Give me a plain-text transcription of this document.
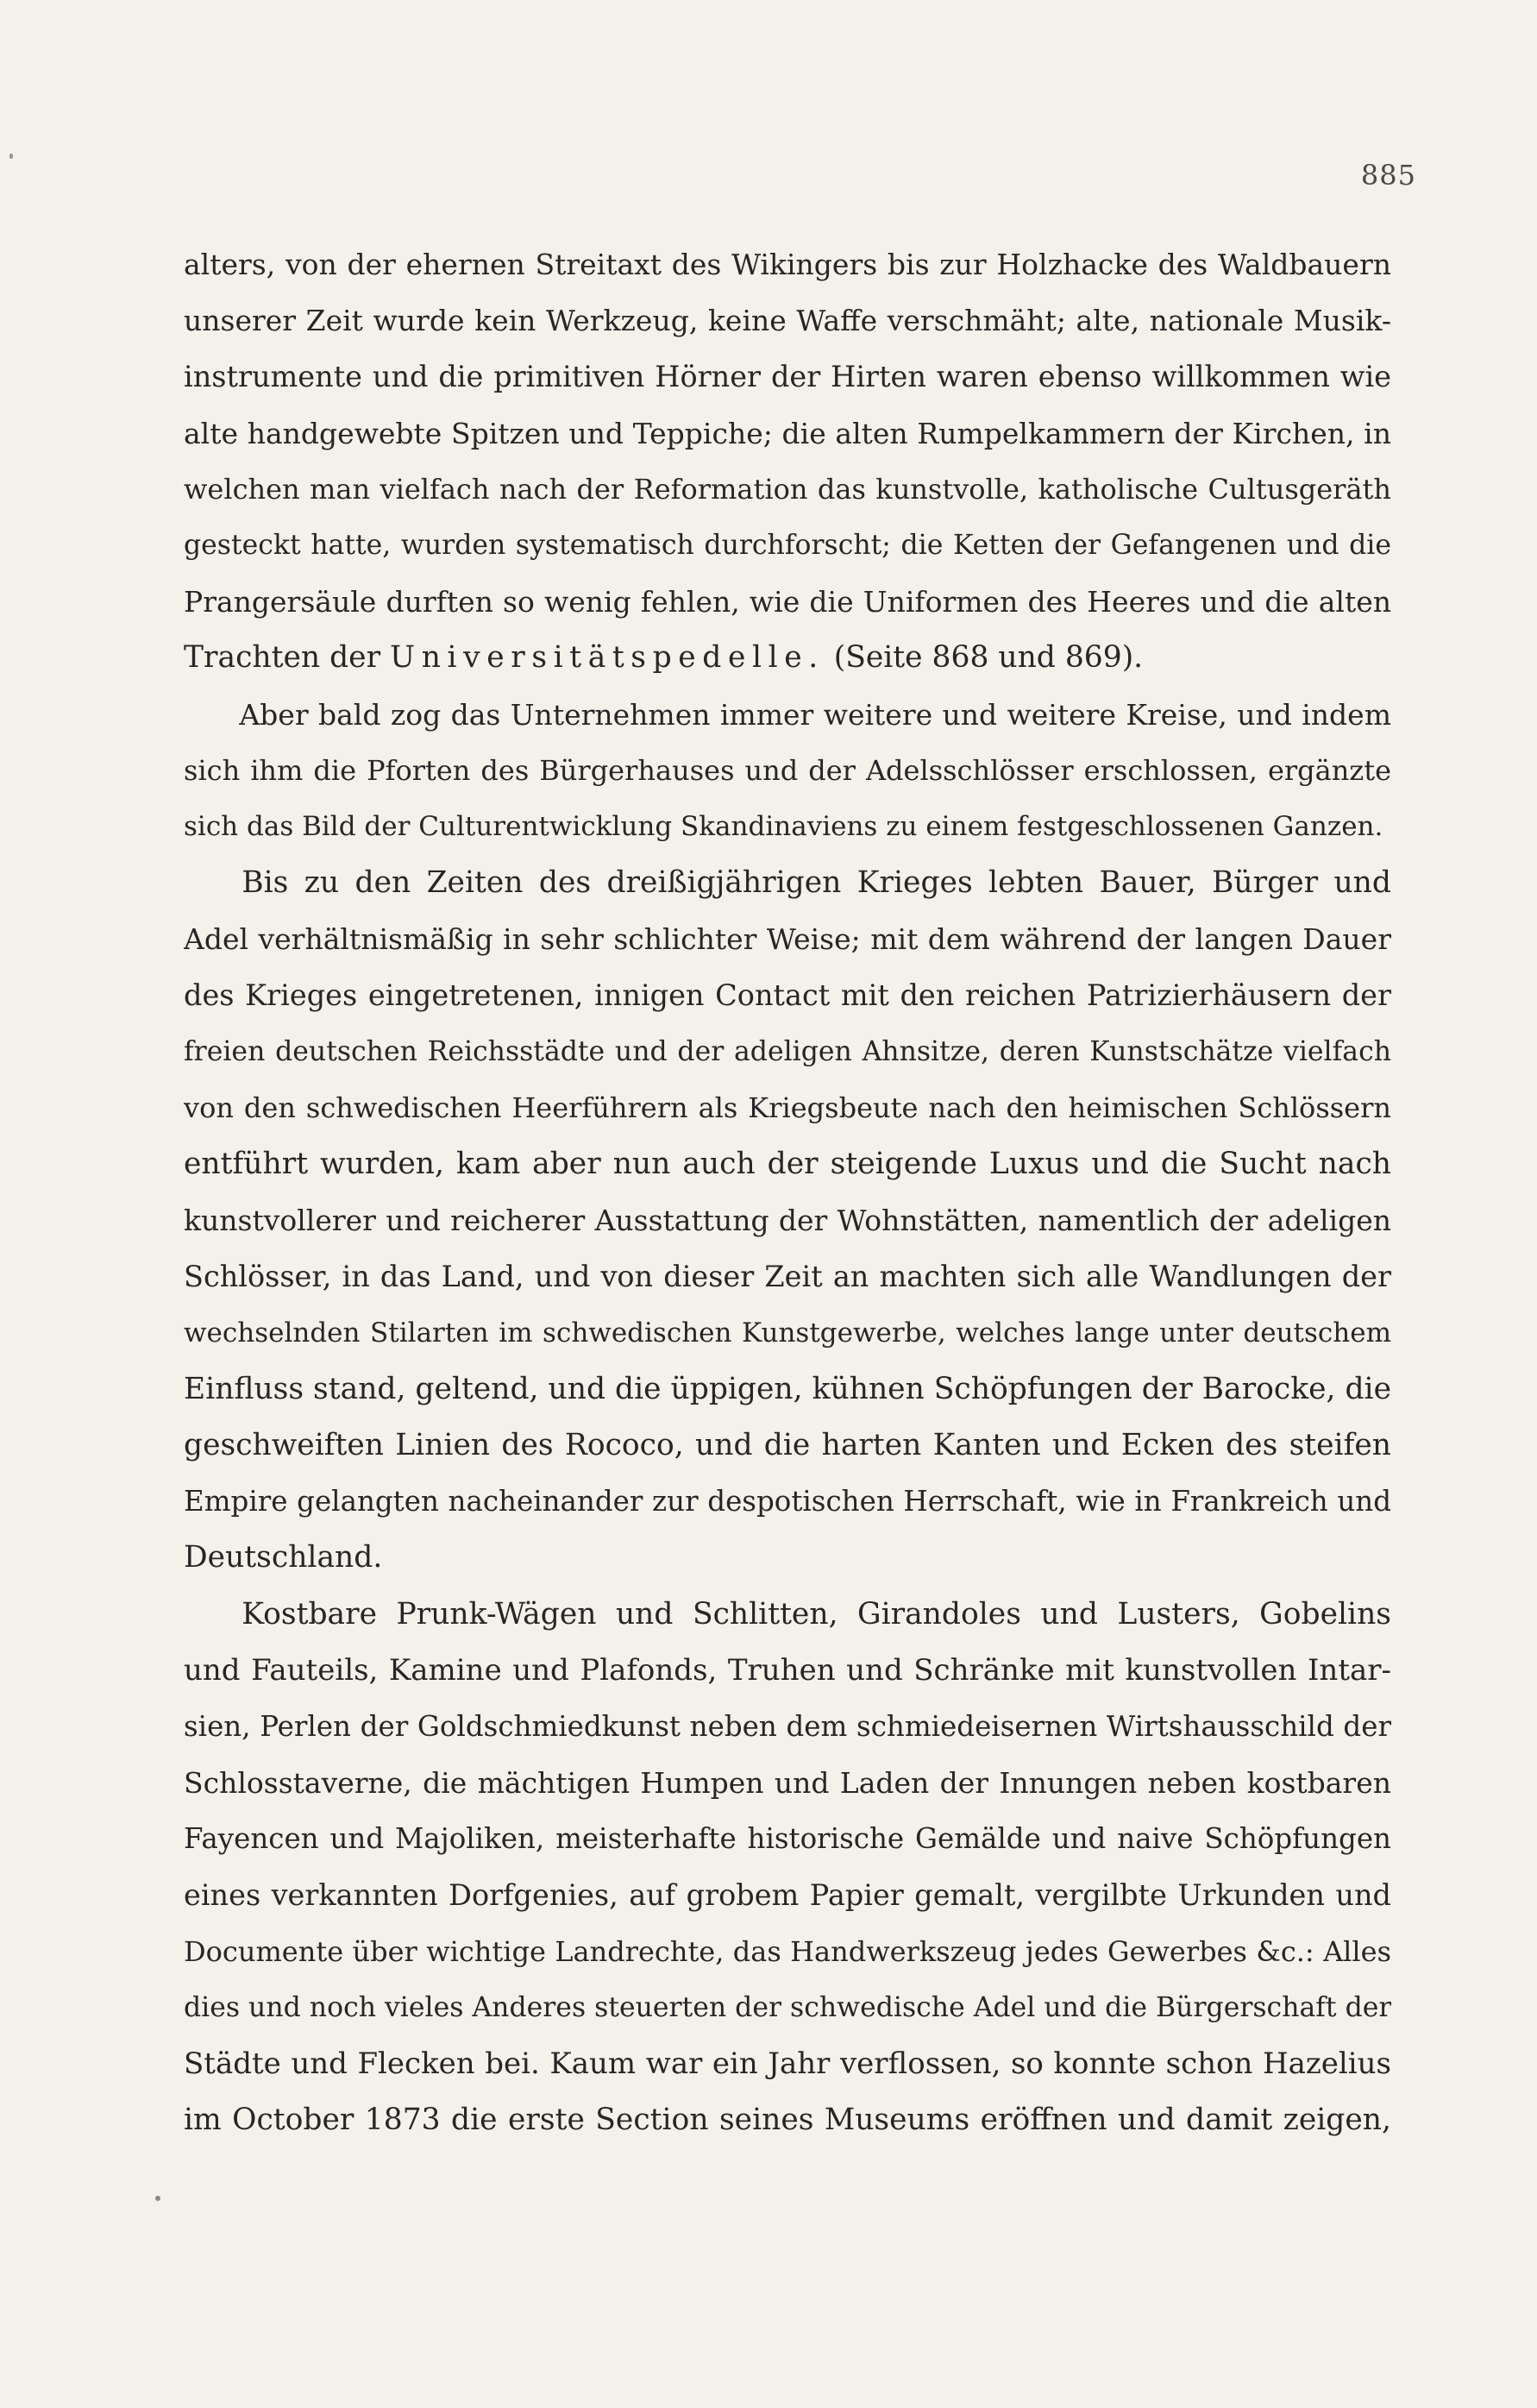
885
alters, von der ehernen Streitaxt des Wikingers bis zur Holzhacke des Waldbauern
unserer Zeit wurde kein Werkzeug, keine Waffe verschmäht; alte, nationale Musik-
instrumente und die primitiven Hörner der Hirten waren ebenso willkommen wie
alte handgewebte Spitzen und Teppiche; die alten Rumpelkammern der Kirchen, in
welchen man vielfach nach der Reformation das kunstvolle, katholische Cultusgeräth
gesteckt hatte, wurden systematisch durchforscht; die Ketten der Gefangenen und die
Prangersäule durften so wenig fehlen, wie die Uniformen des Heeres und die alten
Trachten der Universitätspedelle. (Seite 868 und 869).
Aber bald zog das Unternehmen immer weitere und weitere Kreise, und indem
sich ihm die Pforten des Bürgerhauses und der Adelsschlösser erschlossen, ergänzte
sich das Bild der Culturentwicklung Skandinaviens zu einem festgeschlossenen Ganzen.
Bis zu den Zeiten des dreißigjährigen Krieges lebten Bauer, Bürger und
Adel verhältnismäßig in sehr schlichter Weise; mit dem während der langen Dauer
des Krieges eingetretenen, innigen Contact mit den reichen Patrizierhäusern der
freien deutschen Reichsstädte und der adeligen Ahnsitze, deren Kunstschätze vielfach
von den schwedischen Heerführern als Kriegsbeute nach den heimischen Schlössern
entführt wurden, kam aber nun auch der steigende Luxus und die Sucht nach
kunstvollerer und reicherer Ausstattung der Wohnstätten, namentlich der adeligen
Schlösser, in das Land, und von dieser Zeit an machten sich alle Wandlungen der
wechselnden Stilarten im schwedischen Kunstgewerbe, welches lange unter deutschem
Einfluss stand, geltend, und die üppigen, kühnen Schöpfungen der Barocke, die
geschweiften Linien des Rococo, und die harten Kanten und Ecken des steifen
Empire gelangten nacheinander zur despotischen Herrschaft, wie in Frankreich und
Deutschland.
Kostbare Prunk-Wägen und Schlitten, Girandoles und Lusters, Gobelins
und Fauteils, Kamine und Plafonds, Truhen und Schränke mit kunstvollen Intar-
sien, Perlen der Goldschmiedkunst neben dem schmiedeisernen Wirtshausschild der
Schlosstaverne, die mächtigen Humpen und Laden der Innungen neben kostbaren
Fayencen und Majoliken, meisterhafte historische Gemälde und naive Schöpfungen
eines verkannten Dorfgenies, auf grobem Papier gemalt, vergilbte Urkunden und
Documente über wichtige Landrechte, das Handwerkszeug jedes Gewerbes &c.: Alles
dies und noch vieles Anderes steuerten der schwedische Adel und die Bürgerschaft der
Städte und Flecken bei. Kaum war ein Jahr verflossen, so konnte schon Hazelius
im October 1873 die erste Section seines Museums eröffnen und damit zeigen,
